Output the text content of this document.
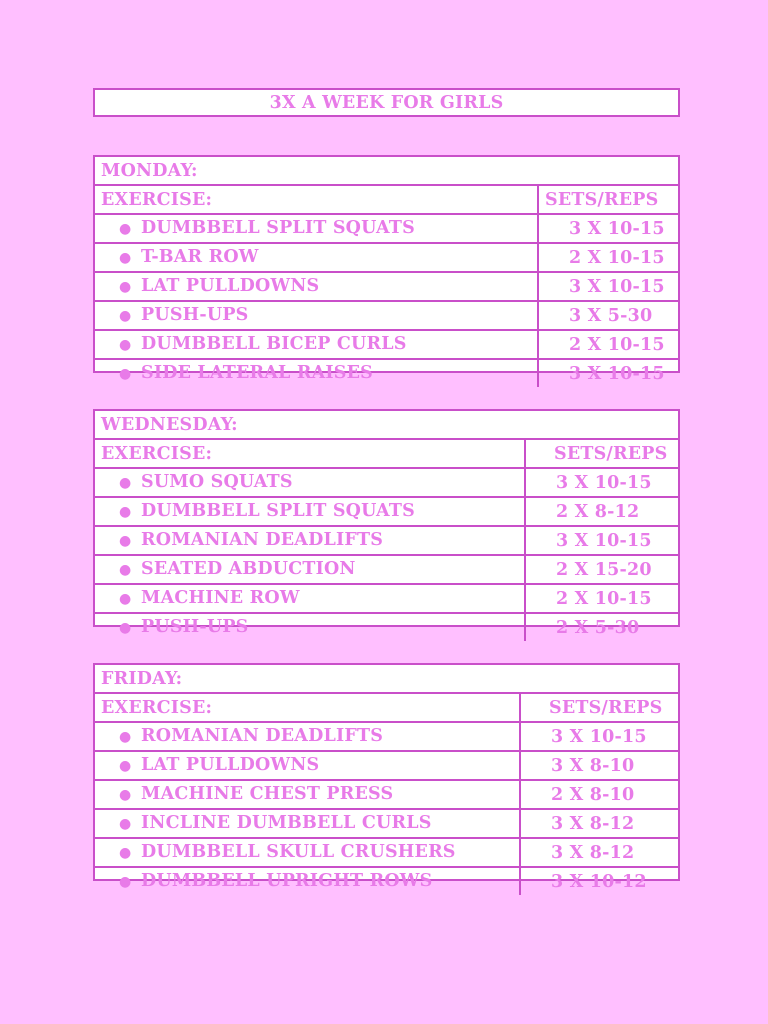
3X A WEEK FOR GIRLS
MONDAY:	
EXERCISE:	SETS/REPS
● DUMBBELL SPLIT SQUATS	3 X 10-15
● T-BAR ROW	2 X 10-15
● LAT PULLDOWNS	3 X 10-15
● PUSH-UPS	3 X 5-30
● DUMBBELL BICEP CURLS	2 X 10-15
● SIDE LATERAL RAISES	3 X 10-15
WEDNESDAY:	
EXERCISE:	SETS/REPS
● SUMO SQUATS	3 X 10-15
● DUMBBELL SPLIT SQUATS	2 X 8-12
● ROMANIAN DEADLIFTS	3 X 10-15
● SEATED ABDUCTION	2 X 15-20
● MACHINE ROW	2 X 10-15
● PUSH-UPS	2 X 5-30
FRIDAY:	
EXERCISE:	SETS/REPS
● ROMANIAN DEADLIFTS	3 X 10-15
● LAT PULLDOWNS	3 X 8-10
● MACHINE CHEST PRESS	2 X 8-10
● INCLINE DUMBBELL CURLS	3 X 8-12
● DUMBBELL SKULL CRUSHERS	3 X 8-12
● DUMBBELL UPRIGHT ROWS	3 X 10-12
